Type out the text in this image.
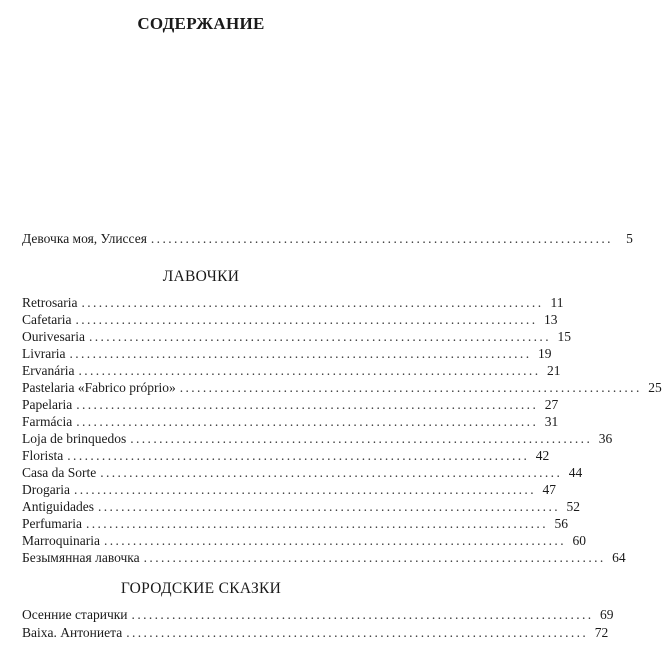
СОДЕРЖАНИЕ
Девочка моя, Улиссея ................................................................................ 5
ЛАВОЧКИ
Retrosaria ................................................................................ 11
Cafetaria ................................................................................ 13
Ourivesaria ................................................................................ 15
Livraria ................................................................................ 19
Ervanária ................................................................................ 21
Pastelaria «Fabrico próprio» ................................................................................ 25
Papelaria ................................................................................ 27
Farmácia ................................................................................ 31
Loja de brinquedos ................................................................................ 36
Florista ................................................................................ 42
Casa da Sorte ................................................................................ 44
Drogaria ................................................................................ 47
Antiguidades ................................................................................ 52
Perfumaria ................................................................................ 56
Marroquinaria ................................................................................ 60
Безымянная лавочка ................................................................................ 64
ГОРОДСКИЕ СКАЗКИ
Осенние старички ................................................................................ 69
Baixa. Антониета ................................................................................ 72
